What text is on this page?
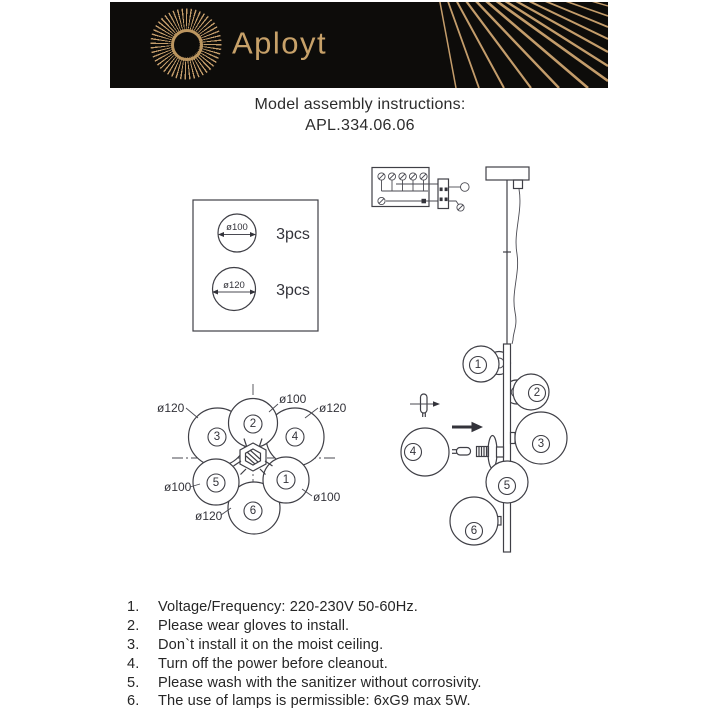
Aployt
Model assembly instructions:
APL.334.06.06
ø100 3pcs
ø120 3pcs
1
2
3
4
5
6
2
3	4
5	1
6
ø120
ø100
ø120
ø100
ø100
ø120
1.	Voltage/Frequency: 220-230V 50-60Hz.
2.	Please wear gloves to install.
3.	Don`t install it on the moist ceiling.
4.	Turn off the power before cleanout.
5.	Please wash with the sanitizer without corrosivity.
6.	The use of lamps is permissible: 6xG9 max 5W.
